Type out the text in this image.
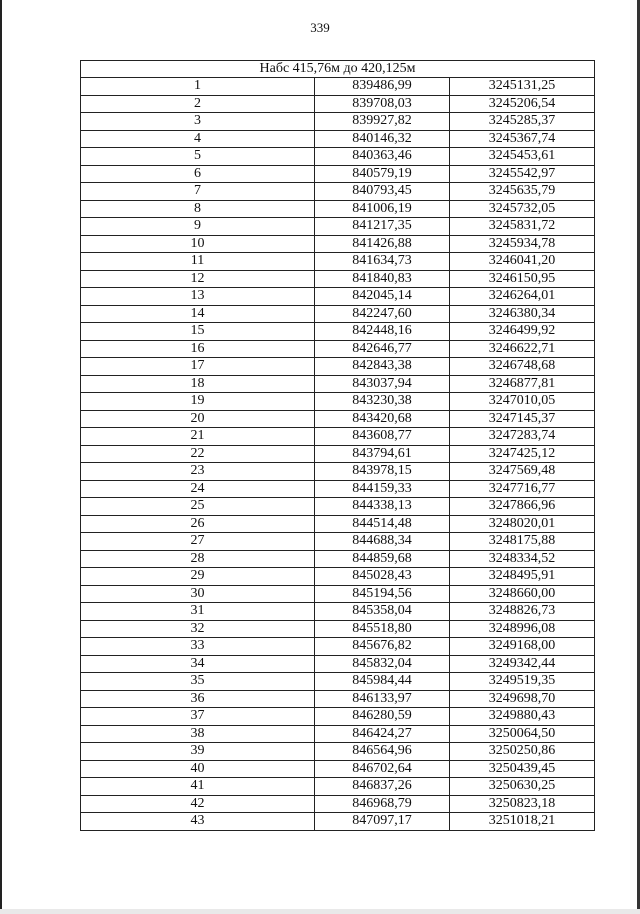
339
Набс 415,76м до 420,125м		
1	839486,99	3245131,25
2	839708,03	3245206,54
3	839927,82	3245285,37
4	840146,32	3245367,74
5	840363,46	3245453,61
6	840579,19	3245542,97
7	840793,45	3245635,79
8	841006,19	3245732,05
9	841217,35	3245831,72
10	841426,88	3245934,78
11	841634,73	3246041,20
12	841840,83	3246150,95
13	842045,14	3246264,01
14	842247,60	3246380,34
15	842448,16	3246499,92
16	842646,77	3246622,71
17	842843,38	3246748,68
18	843037,94	3246877,81
19	843230,38	3247010,05
20	843420,68	3247145,37
21	843608,77	3247283,74
22	843794,61	3247425,12
23	843978,15	3247569,48
24	844159,33	3247716,77
25	844338,13	3247866,96
26	844514,48	3248020,01
27	844688,34	3248175,88
28	844859,68	3248334,52
29	845028,43	3248495,91
30	845194,56	3248660,00
31	845358,04	3248826,73
32	845518,80	3248996,08
33	845676,82	3249168,00
34	845832,04	3249342,44
35	845984,44	3249519,35
36	846133,97	3249698,70
37	846280,59	3249880,43
38	846424,27	3250064,50
39	846564,96	3250250,86
40	846702,64	3250439,45
41	846837,26	3250630,25
42	846968,79	3250823,18
43	847097,17	3251018,21
